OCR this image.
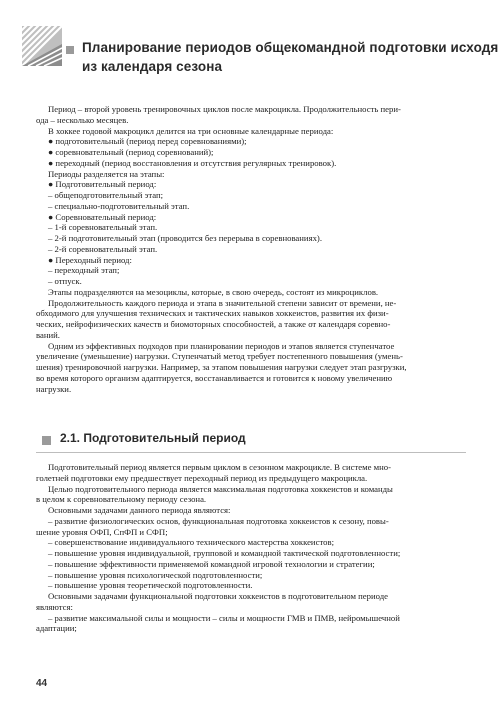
Планирование периодов общекомандной подготовки исходя
из календаря сезона
Период – второй уровень тренировочных циклов после макроцикла. Продолжительность пери-
ода – несколько месяцев.
В хоккее годовой макроцикл делится на три основные календарные периода:
● подготовительный (период перед соревнованиями);
● соревновательный (период соревнований);
● переходный (период восстановления и отсутствия регулярных тренировок).
Периоды разделяется на этапы:
● Подготовительный период:
– общеподготовительный этап;
– специально-подготовительный этап.
● Соревновательный период:
– 1-й соревновательный этап.
– 2-й подготовительный этап (проводится без перерыва в соревнованиях).
– 2-й соревновательный этап.
● Переходный период:
– переходный этап;
– отпуск.
Этапы подразделяются на мезоциклы, которые, в свою очередь, состоят из микроциклов.
Продолжительность каждого периода и этапа в значительной степени зависит от времени, не-
обходимого для улучшения технических и тактических навыков хоккеистов, развития их физи-
ческих, нейрофизических качеств и биомоторных способностей, а также от календаря соревно-
ваний.
Одним из эффективных подходов при планировании периодов и этапов является ступенчатое
увеличение (уменьшение) нагрузки. Ступенчатый метод требует постепенного повышения (умень-
шения) тренировочной нагрузки. Например, за этапом повышения нагрузки следует этап разгрузки,
во время которого организм адаптируется, восстанавливается и готовится к новому увеличению
нагрузки.
2.1. Подготовительный период
Подготовительный период является первым циклом в сезонном макроцикле. В системе мно-
голетней подготовки ему предшествует переходный период из предыдущего макроцикла.
Целью подготовительного периода является максимальная подготовка хоккеистов и команды
в целом к соревновательному периоду сезона.
Основными задачами данного периода являются:
– развитие физиологических основ, функциональная подготовка хоккеистов к сезону, повы-
шение уровня ОФП, СпФП и СФП;
– совершенствование индивидуального технического мастерства хоккеистов;
– повышение уровня индивидуальной, групповой и командной тактической подготовленности;
– повышение эффективности применяемой командной игровой технологии и стратегии;
– повышение уровня психологической подготовленности;
– повышение уровня теоретической подготовленности.
Основными задачами функциональной подготовки хоккеистов в подготовительном периоде
являются:
– развитие максимальной силы и мощности – силы и мощности ГМВ и ПМВ, нейромышечной
адаптации;
44
